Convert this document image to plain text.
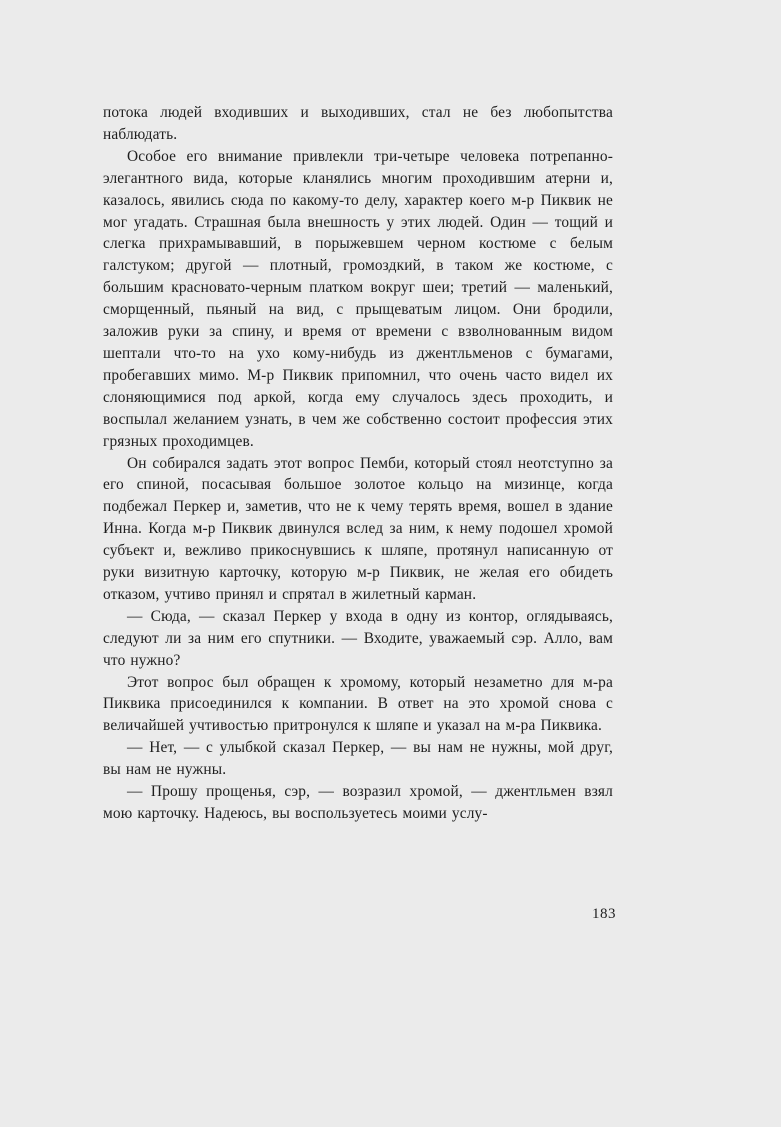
потока людей входивших и выходивших, стал не без любопытства наблюдать.

Особое его внимание привлекли три-четыре человека потрепанно-элегантного вида, которые кланялись многим проходившим атерни и, казалось, явились сюда по какому-то делу, характер коего м-р Пиквик не мог угадать. Страшная была внешность у этих людей. Один — тощий и слегка прихрамывавший, в порыжевшем черном костюме с белым галстуком; другой — плотный, громоздкий, в таком же костюме, с большим красновато-черным платком вокруг шеи; третий — маленький, сморщенный, пьяный на вид, с прыщеватым лицом. Они бродили, заложив руки за спину, и время от времени с взволнованным видом шептали что-то на ухо кому-нибудь из джентльменов с бумагами, пробегавших мимо. М-р Пиквик припомнил, что очень часто видел их слоняющимися под аркой, когда ему случалось здесь проходить, и воспылал желанием узнать, в чем же собственно состоит профессия этих грязных проходимцев.

Он собирался задать этот вопрос Пемби, который стоял неотступно за его спиной, посасывая большое золотое кольцо на мизинце, когда подбежал Перкер и, заметив, что не к чему терять время, вошел в здание Инна. Когда м-р Пиквик двинулся вслед за ним, к нему подошел хромой субъект и, вежливо прикоснувшись к шляпе, протянул написанную от руки визитную карточку, которую м-р Пиквик, не желая его обидеть отказом, учтиво принял и спрятал в жилетный карман.

— Сюда, — сказал Перкер у входа в одну из контор, оглядываясь, следуют ли за ним его спутники. — Входите, уважаемый сэр. Алло, вам что нужно?

Этот вопрос был обращен к хромому, который незаметно для м-ра Пиквика присоединился к компании. В ответ на это хромой снова с величайшей учтивостью притронулся к шляпе и указал на м-ра Пиквика.

— Нет, — с улыбкой сказал Перкер, — вы нам не нужны, мой друг, вы нам не нужны.

— Прошу прощенья, сэр, — возразил хромой, — джентльмен взял мою карточку. Надеюсь, вы воспользуетесь моими услу-

183
